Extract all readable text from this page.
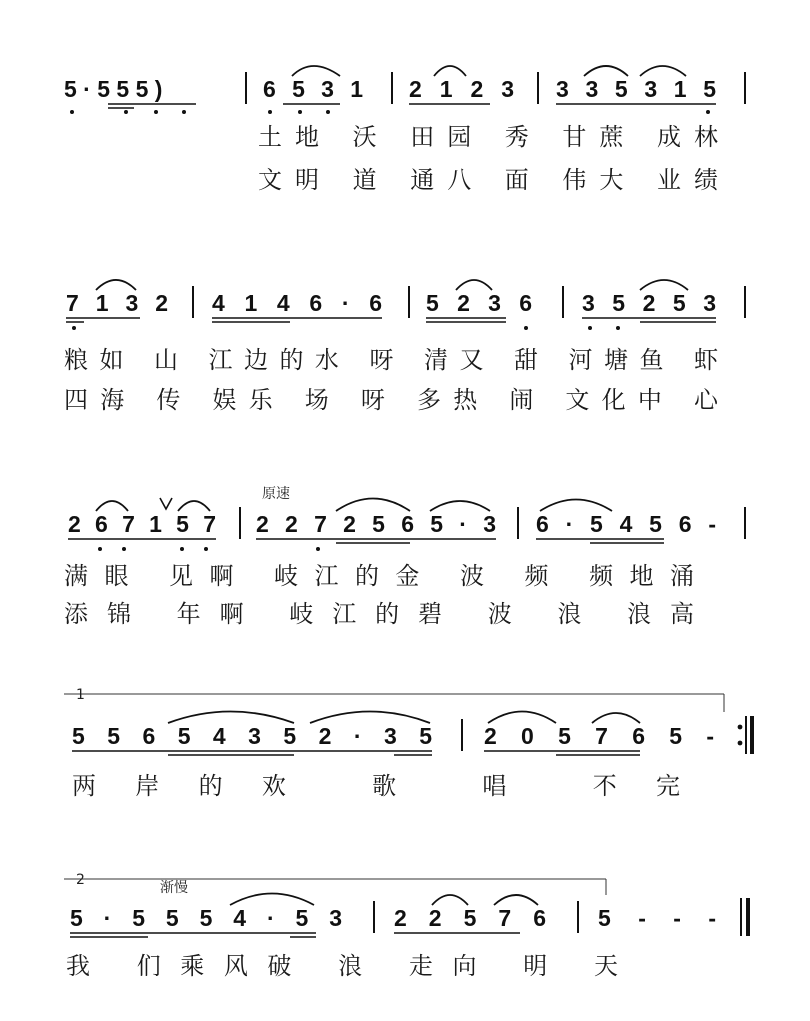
5 · 5 5 5 )	6 5 3 1 2 1 2 3 3 3 5 3 1 5
土地 沃 田园 秀 甘蔗 成林
文明 道 通八 面 伟大 业绩
7 1 3 2 4 1 4 6 · 6 5 2 3 6 3 5 2 5 3
粮如 山 江边的水 呀 清又 甜 河塘鱼 虾
四海 传 娱乐 场 呀 多热 闹 文化中 心
原速
2 6 7 1 5 7 2 2 7 2 5 6 5 · 3 6 · 5 4 5 6 -
满眼 见啊 岐江的金 波 频 频地涌
添锦 年啊 岐江的碧 波 浪 浪高
1
5 5 6 5 4 3 5 2 · 3 5 2 0 5 7 6 5 -
两岸的欢 歌 唱 不完
2	渐慢
5 · 5 5 5 4 · 5 3 2 2 5 7 6 5 - - -
我 们乘风破 浪 走向 明 天
